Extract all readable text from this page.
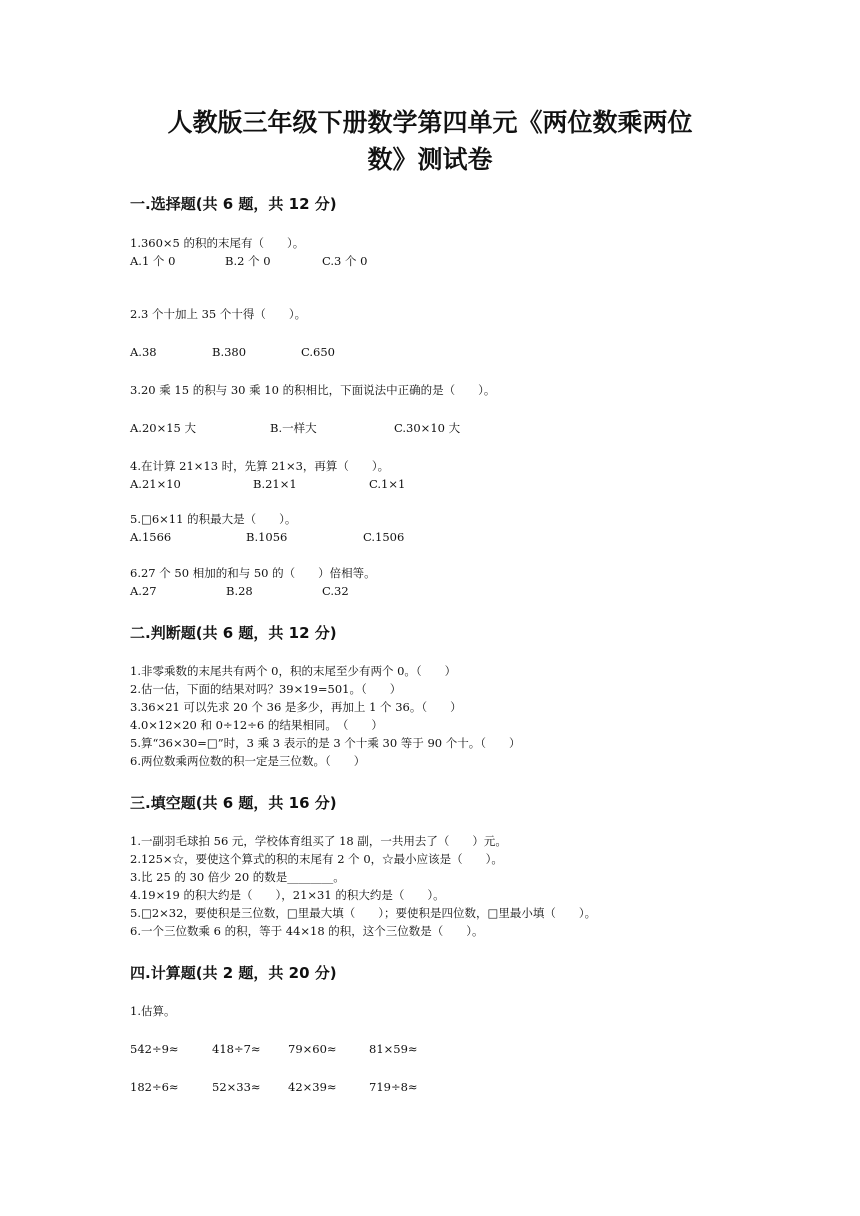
人教版三年级下册数学第四单元《两位数乘两位
数》测试卷
一.选择题(共 6 题，共 12 分)
1.360×5 的积的末尾有（　　）。
A.1 个 0	B.2 个 0	C.3 个 0
2.3 个十加上 35 个十得（　　）。
A.38	B.380	C.650
3.20 乘 15 的积与 30 乘 10 的积相比，下面说法中正确的是（　　）。
A.20×15 大	B.一样大	C.30×10 大
4.在计算 21×13 时，先算 21×3，再算（　　）。
A.21×10	B.21×1	C.1×1
5.□6×11 的积最大是（　　）。
A.1566	B.1056	C.1506
6.27 个 50 相加的和与 50 的（　　）倍相等。
A.27	B.28	C.32
二.判断题(共 6 题，共 12 分)
1.非零乘数的末尾共有两个 0，积的末尾至少有两个 0。（　　）
2.估一估，下面的结果对吗？39×19=501。（　　）
3.36×21 可以先求 20 个 36 是多少，再加上 1 个 36。（　　）
4.0×12×20 和 0÷12÷6 的结果相同。　（　　）
5.算“36×30=□”时，3 乘 3 表示的是 3 个十乘 30 等于 90 个十。（　　）
6.两位数乘两位数的积一定是三位数。（　　）
三.填空题(共 6 题，共 16 分)
1.一副羽毛球拍 56 元，学校体育组买了 18 副，一共用去了（　　）元。
2.125×☆，要使这个算式的积的末尾有 2 个 0，☆最小应该是（　　）。
3.比 25 的 30 倍少 20 的数是________。
4.19×19 的积大约是（　　），21×31 的积大约是（　　）。
5.□2×32，要使积是三位数，□里最大填（　　）；要使积是四位数，□里最小填（　　）。
6.一个三位数乘 6 的积，等于 44×18 的积，这个三位数是（　　）。
四.计算题(共 2 题，共 20 分)
1.估算。
542÷9≈	418÷7≈ 79×60≈	81×59≈
182÷6≈	52×33≈ 42×39≈	719÷8≈
